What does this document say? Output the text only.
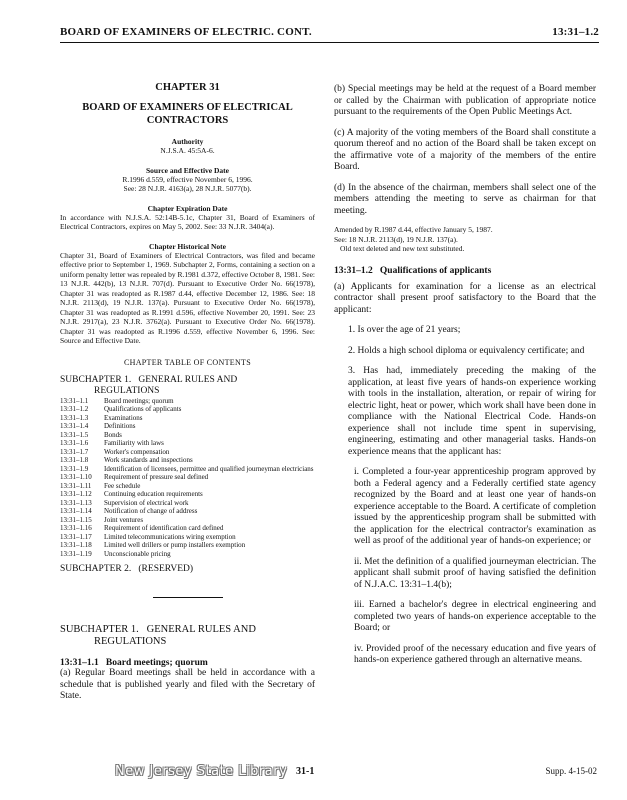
BOARD OF EXAMINERS OF ELECTRIC. CONT.	13:31–1.2
CHAPTER 31
BOARD OF EXAMINERS OF ELECTRICAL
CONTRACTORS
Authority
N.J.S.A. 45:5A-6.
Source and Effective Date
R.1996 d.559, effective November 6, 1996.
See: 28 N.J.R. 4163(a), 28 N.J.R. 5077(b).
Chapter Expiration Date
In accordance with N.J.S.A. 52:14B-5.1c, Chapter 31, Board of Examiners of Electrical Contractors, expires on May 5, 2002. See: 33 N.J.R. 3404(a).
Chapter Historical Note
Chapter 31, Board of Examiners of Electrical Contractors, was filed and became effective prior to September 1, 1969. Subchapter 2, Forms, containing a section on a uniform penalty letter was repealed by R.1981 d.372, effective October 8, 1981. See: 13 N.J.R. 442(b), 13 N.J.R. 707(d). Pursuant to Executive Order No. 66(1978), Chapter 31 was readopted as R.1987 d.44, effective December 12, 1986. See: 18 N.J.R. 2113(d), 19 N.J.R. 137(a). Pursuant to Executive Order No. 66(1978), Chapter 31 was readopted as R.1991 d.596, effective November 20, 1991. See: 23 N.J.R. 2917(a), 23 N.J.R. 3762(a). Pursuant to Executive Order No. 66(1978). Chapter 31 was readopted as R.1996 d.559, effective November 6, 1996. See: Source and Effective Date.
CHAPTER TABLE OF CONTENTS
SUBCHAPTER 1.   GENERAL RULES AND
REGULATIONS
13:31–1.1	Board meetings; quorum
13:31–1.2	Qualifications of applicants
13:31–1.3	Examinations
13:31–1.4	Definitions
13:31–1.5	Bonds
13:31–1.6	Familiarity with laws
13:31–1.7	Worker's compensation
13:31–1.8	Work standards and inspections
13:31–1.9	Identification of licensees, permittee and qualified journeyman electricians
13:31–1.10	Requirement of pressure seal defined
13:31–1.11	Fee schedule
13:31–1.12	Continuing education requirements
13:31–1.13	Supervision of electrical work
13:31–1.14	Notification of change of address
13:31–1.15	Joint ventures
13:31–1.16	Requirement of identification card defined
13:31–1.17	Limited telecommunications wiring exemption
13:31–1.18	Limited well drillers or pump installers exemption
13:31–1.19	Unconscionable pricing
SUBCHAPTER 2.   (RESERVED)
SUBCHAPTER 1.   GENERAL RULES AND
REGULATIONS
13:31–1.1   Board meetings; quorum

(a) Regular Board meetings shall be held in accordance with a schedule that is published yearly and filed with the Secretary of State.

(b) Special meetings may be held at the request of a Board member or called by the Chairman with publication of appropriate notice pursuant to the requirements of the Open Public Meetings Act.

(c) A majority of the voting members of the Board shall constitute a quorum thereof and no action of the Board shall be taken except on the affirmative vote of a majority of the members of the entire Board.

(d) In the absence of the chairman, members shall select one of the members attending the meeting to serve as chairman for that meeting.

Amended by R.1987 d.44, effective January 5, 1987.
See: 18 N.J.R. 2113(d), 19 N.J.R. 137(a).
Old text deleted and new text substituted.
13:31–1.2   Qualifications of applicants

(a) Applicants for examination for a license as an electrical contractor shall present proof satisfactory to the Board that the applicant:

1. Is over the age of 21 years;

2. Holds a high school diploma or equivalency certificate; and

3. Has had, immediately preceding the making of the application, at least five years of hands-on experience working with tools in the installation, alteration, or repair of wiring for electric light, heat or power, which work shall have been done in compliance with the National Electrical Code. Hands-on experience shall not include time spent in supervising, engineering, estimating and other managerial tasks. Hands-on experience means that the applicant has:

i. Completed a four-year apprenticeship program approved by both a Federal agency and a Federally certified state agency recognized by the Board and at least one year of hands-on experience acceptable to the Board. A certificate of completion issued by the apprenticeship program shall be submitted with the application for the electrical contractor's examination as well as proof of the additional year of hands-on experience; or

ii. Met the definition of a qualified journeyman electrician. The applicant shall submit proof of having satisfied the definition of N.J.A.C. 13:31–1.4(b);

iii. Earned a bachelor's degree in electrical engineering and completed two years of hands-on experience acceptable to the Board; or

iv. Provided proof of the necessary education and five years of hands-on experience gathered through an alternative means.

New Jersey State Library 31-1	Supp. 4-15-02
